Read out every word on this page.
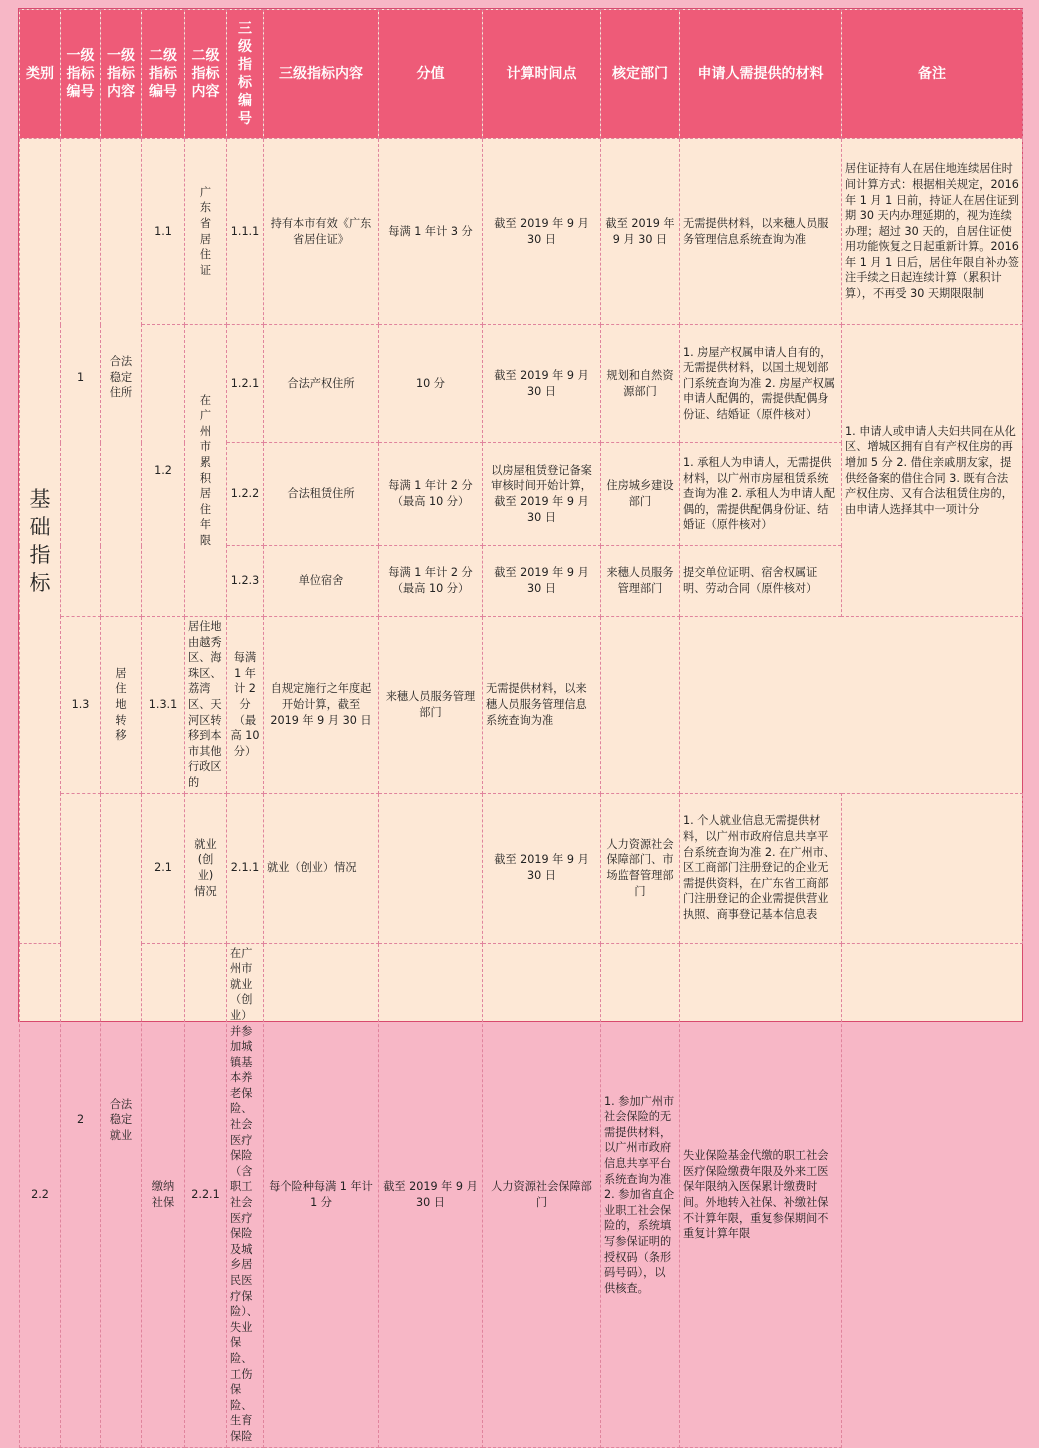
类别	一级指标编号	一级指标内容	二级指标编号	二级指标内容	三级指标编号	三级指标内容	分值	计算时间点	核定部门	申请人需提供的材料	备注
基础指标	1	合法稳定住所	1.1	广东省居住证	1.1.1	持有本市有效《广东省居住证》	每满 1 年计 3 分	截至 2019 年 9 月 30 日	截至 2019 年 9 月 30 日	无需提供材料，以来穗人员服务管理信息系统查询为准	居住证持有人在居住地连续居住时间计算方式：根据相关规定，2016 年 1 月 1 日前，持证人在居住证到期 30 天内办理延期的，视为连续办理；超过 30 天的，自居住证使用功能恢复之日起重新计算。2016 年 1 月 1 日后，居住年限自补办签注手续之日起连续计算（累积计算），不再受 30 天期限限制
			1.2	在广州市累积居住年限	1.2.1	合法产权住所	10 分	截至 2019 年 9 月 30 日	规划和自然资源部门	1. 房屋产权属申请人自有的，无需提供材料，以国土规划部门系统查询为准 2. 房屋产权属申请人配偶的，需提供配偶身份证、结婚证（原件核对）	1. 申请人或申请人夫妇共同在从化区、增城区拥有自有产权住房的再增加 5 分 2. 借住亲戚朋友家，提供经备案的借住合同 3. 既有合法产权住房、又有合法租赁住房的，由申请人选择其中一项计分
					1.2.2	合法租赁住所	每满 1 年计 2 分（最高 10 分）	以房屋租赁登记备案审核时间开始计算，截至 2019 年 9 月 30 日	住房城乡建设部门	1. 承租人为申请人，无需提供材料，以广州市房屋租赁系统查询为准 2. 承租人为申请人配偶的，需提供配偶身份证、结婚证（原件核对）	
					1.2.3	单位宿舍	每满 1 年计 2 分（最高 10 分）	截至 2019 年 9 月 30 日	来穗人员服务管理部门	提交单位证明、宿舍权属证明、劳动合同（原件核对）	
	1.3	居住地转移	1.3.1	居住地由越秀区、海珠区、荔湾区、天河区转移到本市其他行政区的	每满 1 年计 2 分（最高 10 分）	自规定施行之年度起开始计算，截至 2019 年 9 月 30 日	来穗人员服务管理部门	无需提供材料，以来穗人员服务管理信息系统查询为准			
	2	合法稳定就业	2.1	就业(创业)情况	2.1.1	就业（创业）情况		截至 2019 年 9 月 30 日	人力资源社会保障部门、市场监督管理部门	1. 个人就业信息无需提供材料，以广州市政府信息共享平台系统查询为准 2. 在广州市、区工商部门注册登记的企业无需提供资料，在广东省工商部门注册登记的企业需提供营业执照、商事登记基本信息表	
2.2			缴纳社保	2.2.1	在广州市就业（创业）并参加城镇基本养老保险、社会医疗保险（含职工社会医疗保险及城乡居民医疗保险）、失业保险、工伤保险、生育保险	每个险种每满 1 年计 1 分	截至 2019 年 9 月 30 日	人力资源社会保障部门	1. 参加广州市社会保险的无需提供材料，以广州市政府信息共享平台系统查询为准 2. 参加省直企业职工社会保险的，系统填写参保证明的授权码（条形码号码），以供核查。	失业保险基金代缴的职工社会医疗保险缴费年限及外来工医保年限纳入医保累计缴费时间。外地转入社保、补缴社保不计算年限，重复参保期间不重复计算年限	
